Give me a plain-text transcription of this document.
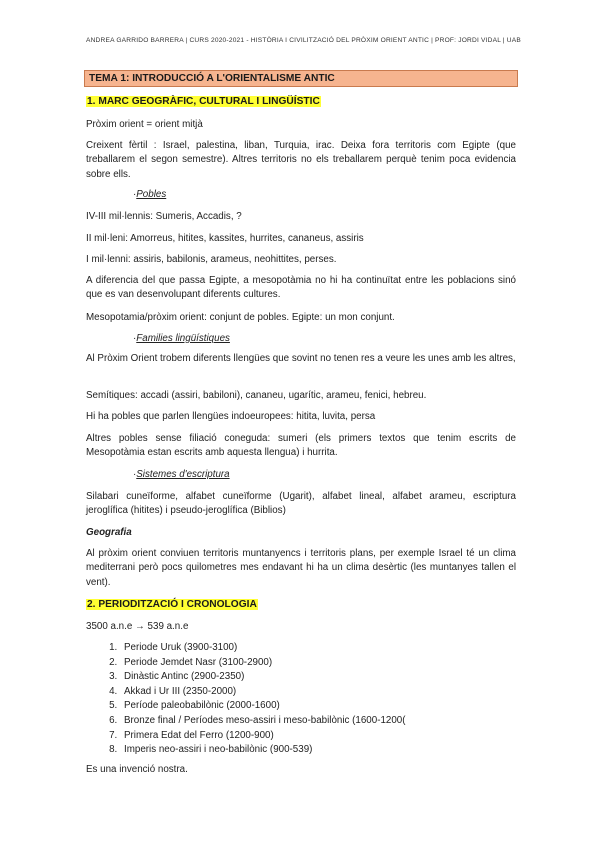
ANDREA GARRIDO BARRERA | CURS 2020-2021 - HISTÒRIA I CIVILITZACIÓ DEL PRÒXIM ORIENT ANTIC | PROF: JORDI VIDAL | UAB
TEMA 1: INTRODUCCIÓ A L'ORIENTALISME ANTIC
1. MARC GEOGRÀFIC, CULTURAL I LINGÜÍSTIC
Pròxim orient = orient mitjà
Creixent fèrtil : Israel, palestina, liban, Turquia, irac. Deixa fora territoris com Egipte (que treballarem el segon semestre). Altres territoris no els treballarem perquè tenim poca evidencia sobre ells.
·Pobles
IV-III mil·lennis: Sumeris, Accadis, ?
II mil·leni: Amorreus, hitites, kassites, hurrites, cananeus, assiris
I mil·lenni: assiris, babilonis, arameus, neohittites, perses.
A diferencia del que passa Egipte, a mesopotàmia no hi ha continuïtat entre les poblacions sinó que es van desenvolupant diferents cultures.
Mesopotamia/pròxim orient: conjunt de pobles. Egipte: un mon conjunt.
·Families lingüístiques
Al Pròxim Orient trobem diferents llengües que sovint no tenen res a veure les unes amb les altres,
Semítiques: accadi (assiri, babiloni), cananeu, ugarític, arameu, fenici, hebreu.
Hi ha pobles que parlen llengües indoeuropees: hitita, luvita, persa
Altres pobles sense filiació coneguda: sumeri (els primers textos que tenim escrits de Mesopotàmia estan escrits amb aquesta llengua) i hurrita.
·Sistemes d'escriptura
Silabari cuneïforme, alfabet cuneïforme (Ugarit), alfabet lineal, alfabet arameu, escriptura jeroglífica (hitites) i pseudo-jeroglífica (Biblios)
Geografia
Al pròxim orient conviuen territoris muntanyencs i territoris plans, per exemple Israel té un clima mediterrani però pocs quilometres mes endavant hi ha un clima desèrtic (les muntanyes tallen el vent).
2. PERIODITZACIÓ I CRONOLOGIA
3500 a.n.e → 539 a.n.e
1. Periode Uruk (3900-3100)
2. Periode Jemdet Nasr (3100-2900)
3. Dinàstic Antinc (2900-2350)
4. Akkad i Ur III (2350-2000)
5. Període paleobabilònic (2000-1600)
6. Bronze final / Períodes meso-assiri i meso-babilònic (1600-1200(
7. Primera Edat del Ferro (1200-900)
8. Imperis neo-assiri i neo-babilònic (900-539)
Es una invenció nostra.
